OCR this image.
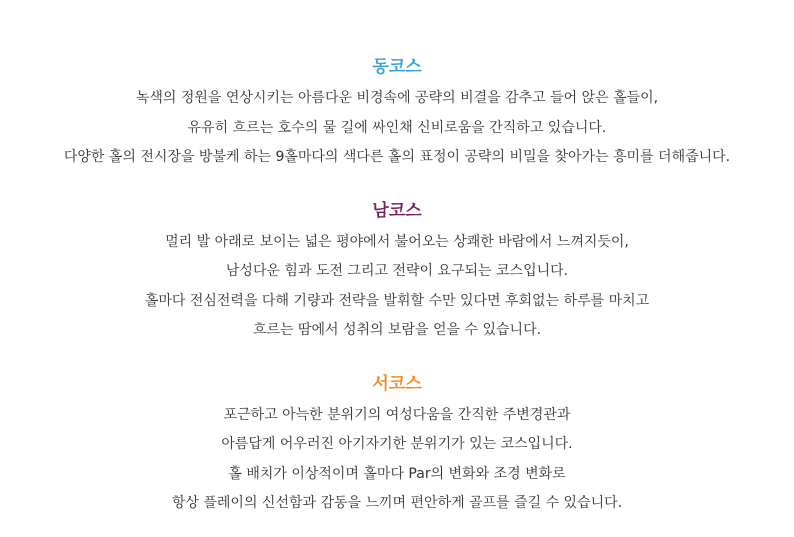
동코스

녹색의 정원을 연상시키는 아름다운 비경속에 공략의 비결을 감추고 들어 앉은 홀들이,

유유히 흐르는 호수의 물 길에 싸인채 신비로움을 간직하고 있습니다.

다양한 홀의 전시장을 방불케 하는 9홀마다의 색다른 홀의 표정이 공략의 비밀을 찾아가는 흥미를 더해줍니다.

남코스

멀리 발 아래로 보이는 넓은 평야에서 불어오는 상쾌한 바람에서 느껴지듯이,

남성다운 힘과 도전 그리고 전략이 요구되는 코스입니다.

홀마다 전심전력을 다해 기량과 전략을 발휘할 수만 있다면 후회없는 하루를 마치고

흐르는 땀에서 성취의 보람을 얻을 수 있습니다.

서코스

포근하고 아늑한 분위기의 여성다움을 간직한 주변경관과

아름답게 어우러진 아기자기한 분위기가 있는 코스입니다.

홀 배치가 이상적이며 홀마다 Par의 변화와 조경 변화로

항상 플레이의 신선함과 감동을 느끼며 편안하게 골프를 즐길 수 있습니다.
